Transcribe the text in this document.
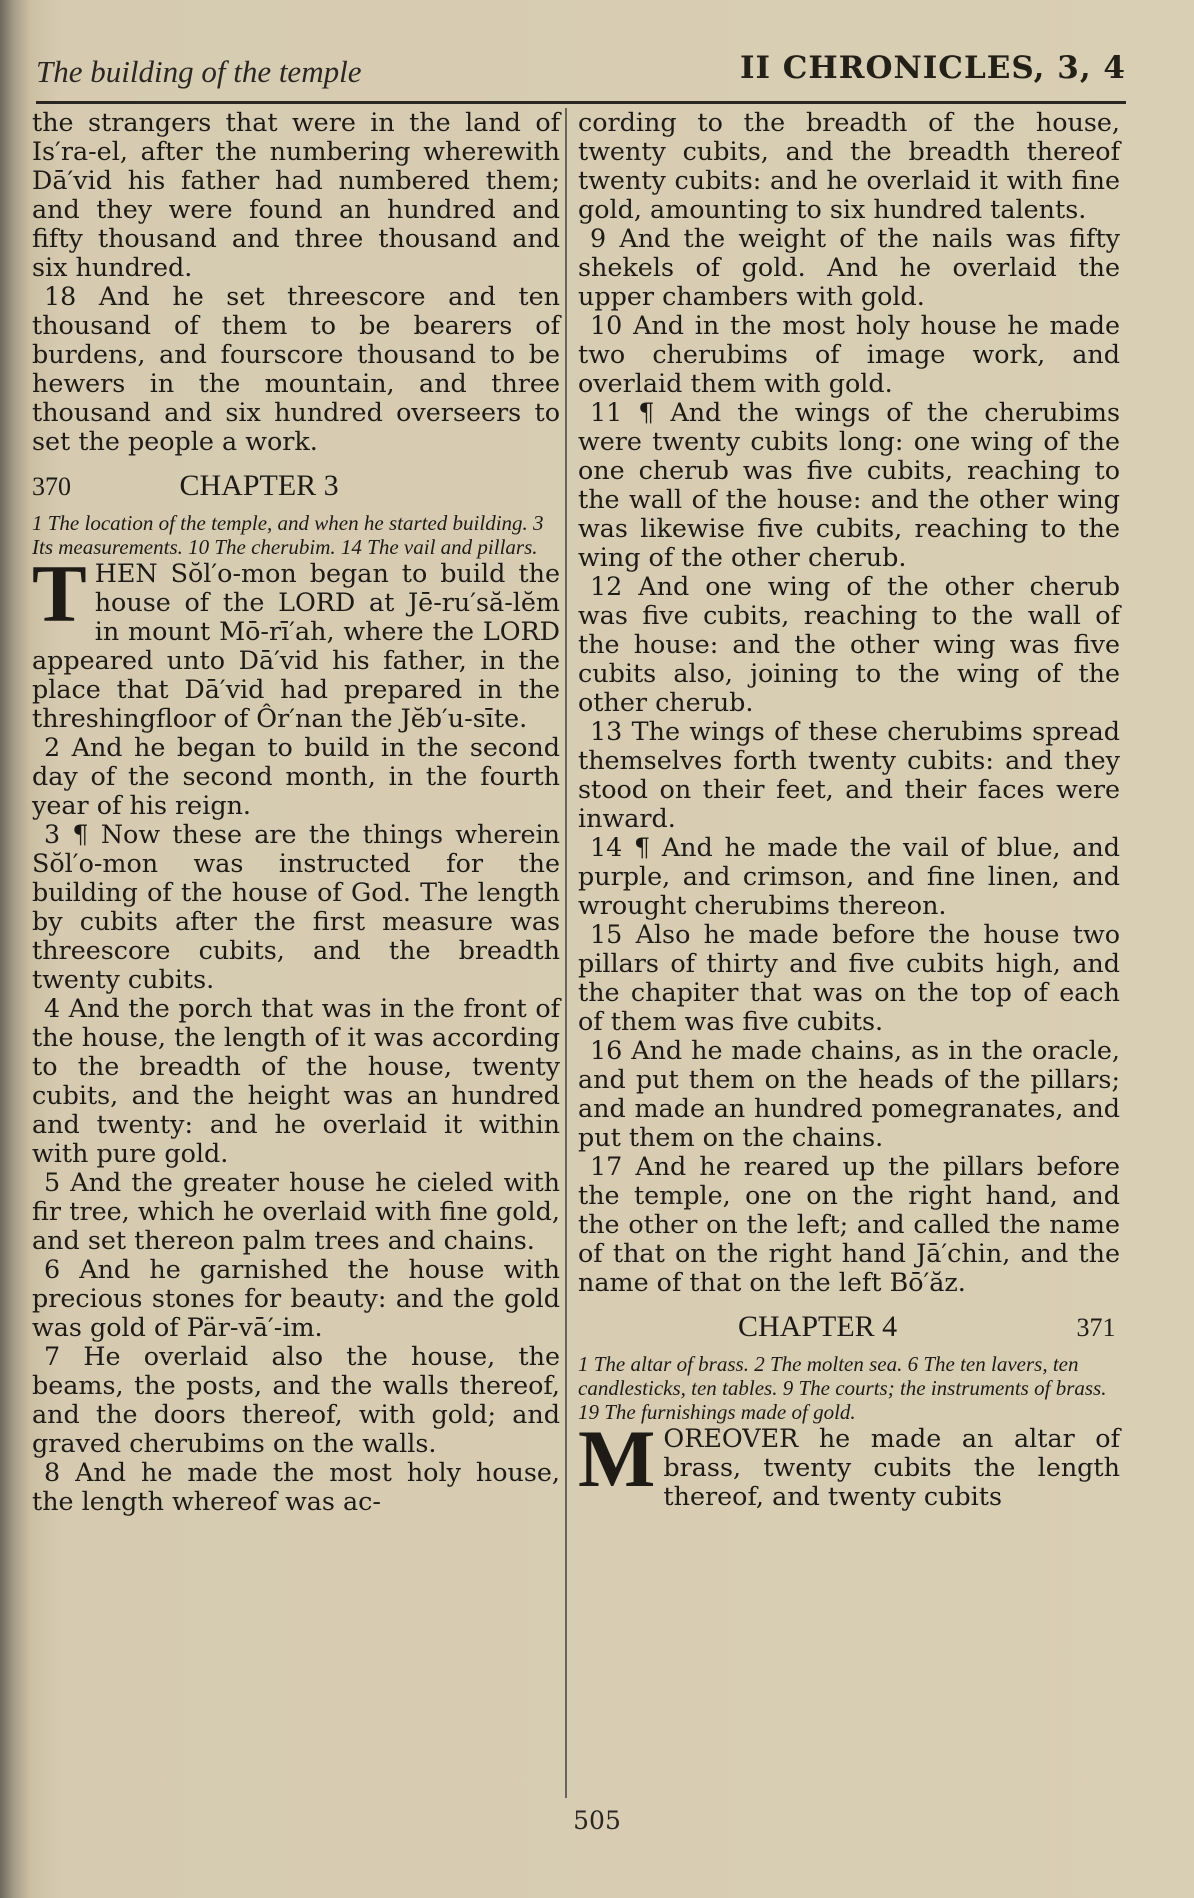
The building of the temple	II CHRONICLES, 3, 4

the strangers that were in the land of Is′ra-el, after the numbering wherewith Dā′vid his father had numbered them; and they were found an hundred and fifty thousand and three thousand and six hundred.

18 And he set threescore and ten thousand of them to be bearers of burdens, and fourscore thousand to be hewers in the mountain, and three thousand and six hundred overseers to set the people a work.

370	CHAPTER 3

1 The location of the temple, and when he started building. 3 Its measurements. 10 The cherubim. 14 The vail and pillars.

T HEN Sŏl′o-mon began to build the house of the LORD at Jē-ru′să-lĕm in mount Mō-rī′ah, where the LORD appeared unto Dā′vid his father, in the place that Dā′vid had prepared in the threshingfloor of Ôr′nan the Jĕb′u-sīte.

2 And he began to build in the second day of the second month, in the fourth year of his reign.

3 ¶ Now these are the things wherein Sŏl′o-mon was instructed for the building of the house of God. The length by cubits after the first measure was threescore cubits, and the breadth twenty cubits.

4 And the porch that was in the front of the house, the length of it was according to the breadth of the house, twenty cubits, and the height was an hundred and twenty: and he overlaid it within with pure gold.

5 And the greater house he cieled with fir tree, which he overlaid with fine gold, and set thereon palm trees and chains.

6 And he garnished the house with precious stones for beauty: and the gold was gold of Pär-vā′-im.

7 He overlaid also the house, the beams, the posts, and the walls thereof, and the doors thereof, with gold; and graved cherubims on the walls.

8 And he made the most holy house, the length whereof was ac-

cording to the breadth of the house, twenty cubits, and the breadth thereof twenty cubits: and he overlaid it with fine gold, amounting to six hundred talents.

9 And the weight of the nails was fifty shekels of gold. And he overlaid the upper chambers with gold.

10 And in the most holy house he made two cherubims of image work, and overlaid them with gold.

11 ¶ And the wings of the cherubims were twenty cubits long: one wing of the one cherub was five cubits, reaching to the wall of the house: and the other wing was likewise five cubits, reaching to the wing of the other cherub.

12 And one wing of the other cherub was five cubits, reaching to the wall of the house: and the other wing was five cubits also, joining to the wing of the other cherub.

13 The wings of these cherubims spread themselves forth twenty cubits: and they stood on their feet, and their faces were inward.

14 ¶ And he made the vail of blue, and purple, and crimson, and fine linen, and wrought cherubims thereon.

15 Also he made before the house two pillars of thirty and five cubits high, and the chapiter that was on the top of each of them was five cubits.

16 And he made chains, as in the oracle, and put them on the heads of the pillars; and made an hundred pomegranates, and put them on the chains.

17 And he reared up the pillars before the temple, one on the right hand, and the other on the left; and called the name of that on the right hand Jā′chin, and the name of that on the left Bō′ăz.

CHAPTER 4	371

1 The altar of brass. 2 The molten sea. 6 The ten lavers, ten candlesticks, ten tables. 9 The courts; the instruments of brass. 19 The furnishings made of gold.

M OREOVER he made an altar of brass, twenty cubits the length thereof, and twenty cubits

505
